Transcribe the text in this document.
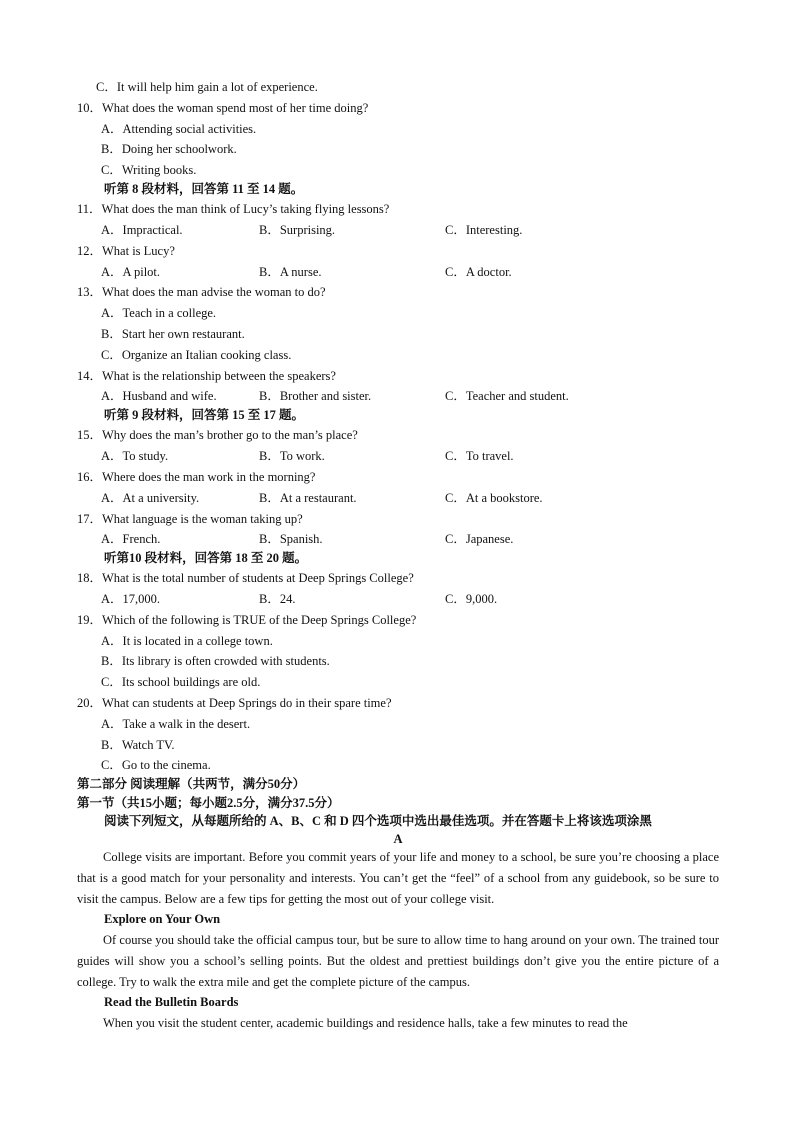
C．It will help him gain a lot of experience.
10．What does the woman spend most of her time doing?
A．Attending social activities.
B．Doing her schoolwork.
C．Writing books.
听第 8 段材料，回答第 11 至 14 题。
11．What does the man think of Lucy’s taking flying lessons?
A．Impractical.	B．Surprising.	C．Interesting.
12．What is Lucy?
A．A pilot.	B．A nurse.	C．A doctor.
13．What does the man advise the woman to do?
A．Teach in a college.
B．Start her own restaurant.
C．Organize an Italian cooking class.
14．What is the relationship between the speakers?
A．Husband and wife.	B．Brother and sister.	C．Teacher and student.
听第 9 段材料，回答第 15 至 17 题。
15．Why does the man’s brother go to the man’s place?
A．To study.	B．To work.	C．To travel.
16．Where does the man work in the morning?
A．At a university.	B．At a restaurant.	C．At a bookstore.
17．What language is the woman taking up?
A．French.	B．Spanish.	C．Japanese.
听第10 段材料，回答第 18 至 20 题。
18．What is the total number of students at Deep Springs College?
A．17,000.	B．24.	C．9,000.
19．Which of the following is TRUE of the Deep Springs College?
A．It is located in a college town.
B．Its library is often crowded with students.
C．Its school buildings are old.
20．What can students at Deep Springs do in their spare time?
A．Take a walk in the desert.
B．Watch TV.
C．Go to the cinema.
第二部分 阅读理解（共两节，满分50分）
第一节（共15小题；每小题2.5分，满分37.5分）
阅读下列短文，从每题所给的 A、B、C 和 D 四个选项中选出最佳选项。并在答题卡上将该选项涂黑
A
College visits are important. Before you commit years of your life and money to a school, be sure you’re choosing a place that is a good match for your personality and interests. You can’t get the “feel” of a school from any guidebook, so be sure to visit the campus. Below are a few tips for getting the most out of your college visit.
Explore on Your Own
Of course you should take the official campus tour, but be sure to allow time to hang around on your own. The trained tour guides will show you a school’s selling points. But the oldest and prettiest buildings don’t give you the entire picture of a college. Try to walk the extra mile and get the complete picture of the campus.
Read the Bulletin Boards
When you visit the student center, academic buildings and residence halls, take a few minutes to read the
